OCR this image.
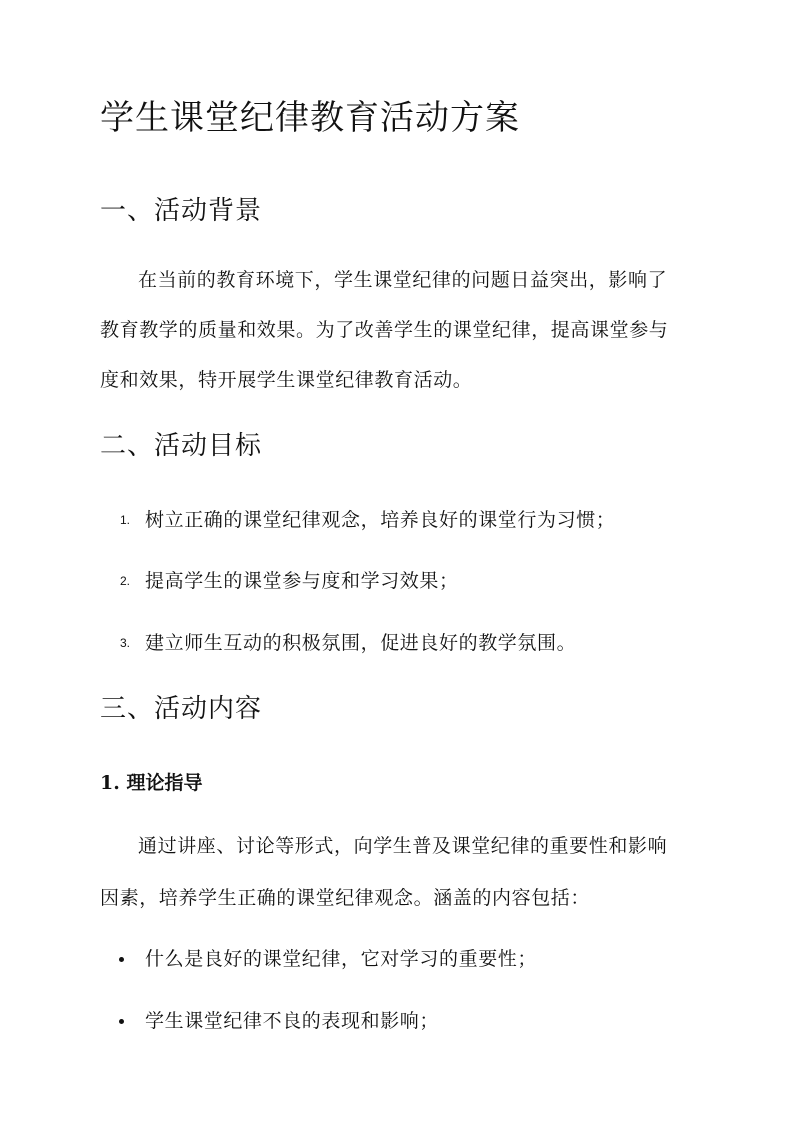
学生课堂纪律教育活动方案
一、活动背景

在当前的教育环境下，学生课堂纪律的问题日益突出，影响了

教育教学的质量和效果。为了改善学生的课堂纪律，提高课堂参与

度和效果，特开展学生课堂纪律教育活动。

二、活动目标
1. 树立正确的课堂纪律观念，培养良好的课堂行为习惯；
2. 提高学生的课堂参与度和学习效果；
3. 建立师生互动的积极氛围，促进良好的教学氛围。
三、活动内容
1. 理论指导

通过讲座、讨论等形式，向学生普及课堂纪律的重要性和影响

因素，培养学生正确的课堂纪律观念。涵盖的内容包括：

什么是良好的课堂纪律，它对学习的重要性；
学生课堂纪律不良的表现和影响；
